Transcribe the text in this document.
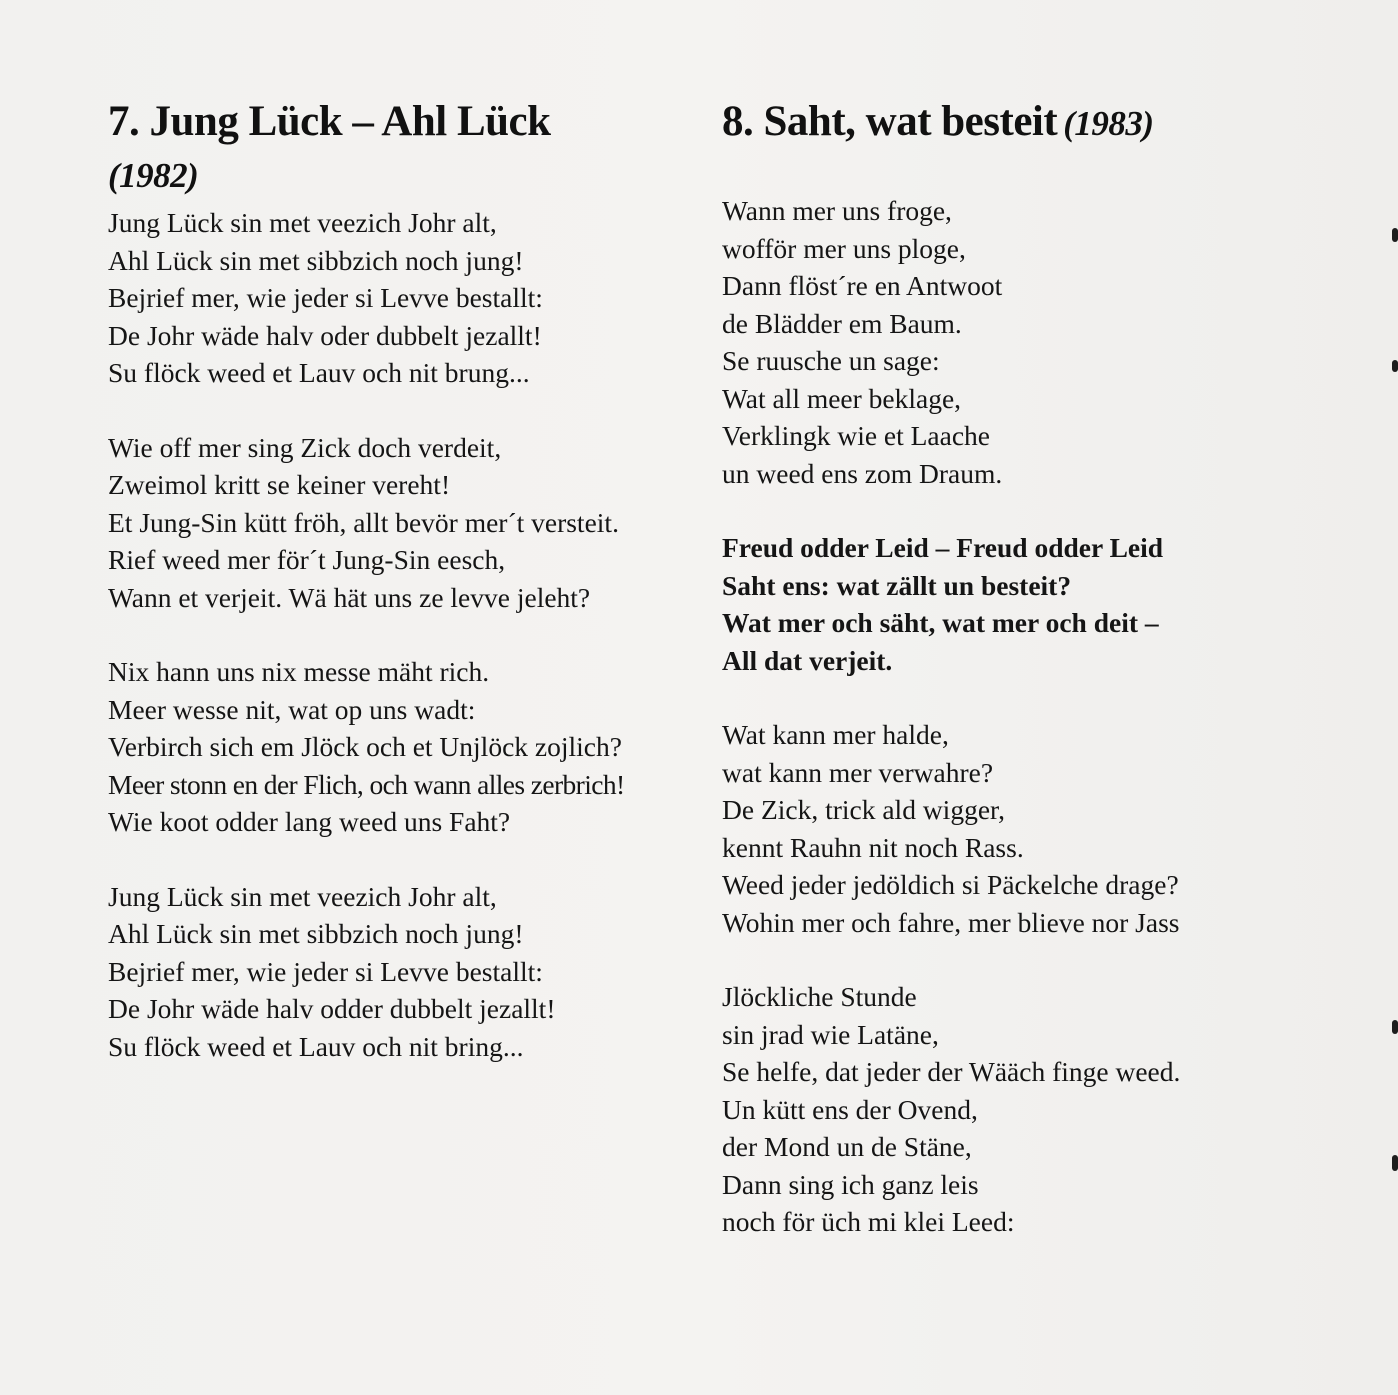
7. Jung Lück – Ahl Lück
(1982)

Jung Lück sin met veezich Johr alt,
Ahl Lück sin met sibbzich noch jung!
Bejrief mer, wie jeder si Levve bestallt:
De Johr wäde halv oder dubbelt jezallt!
Su flöck weed et Lauv och nit brung...

Wie off mer sing Zick doch verdeit,
Zweimol kritt se keiner vereht!
Et Jung-Sin kütt fröh, allt bevör mer´t versteit.
Rief weed mer för´t Jung-Sin eesch,
Wann et verjeit. Wä hät uns ze levve jeleht?

Nix hann uns nix messe mäht rich.
Meer wesse nit, wat op uns wadt:
Verbirch sich em Jlöck och et Unjlöck zojlich?
Meer stonn en der Flich, och wann alles zerbrich!
Wie koot odder lang weed uns Faht?

Jung Lück sin met veezich Johr alt,
Ahl Lück sin met sibbzich noch jung!
Bejrief mer, wie jeder si Levve bestallt:
De Johr wäde halv odder dubbelt jezallt!
Su flöck weed et Lauv och nit bring...

8. Saht, wat besteit (1983)

Wann mer uns froge,
wofför mer uns ploge,
Dann flöst´re en Antwoot
de Blädder em Baum.
Se ruusche un sage:
Wat all meer beklage,
Verklingk wie et Laache
un weed ens zom Draum.

Freud odder Leid – Freud odder Leid
Saht ens: wat zällt un besteit?
Wat mer och säht, wat mer och deit –
All dat verjeit.

Wat kann mer halde,
wat kann mer verwahre?
De Zick, trick ald wigger,
kennt Rauhn nit noch Rass.
Weed jeder jedöldich si Päckelche drage?
Wohin mer och fahre, mer blieve nor Jass

Jlöckliche Stunde
sin jrad wie Latäne,
Se helfe, dat jeder der Wääch finge weed.
Un kütt ens der Ovend,
der Mond un de Stäne,
Dann sing ich ganz leis
noch för üch mi klei Leed:
